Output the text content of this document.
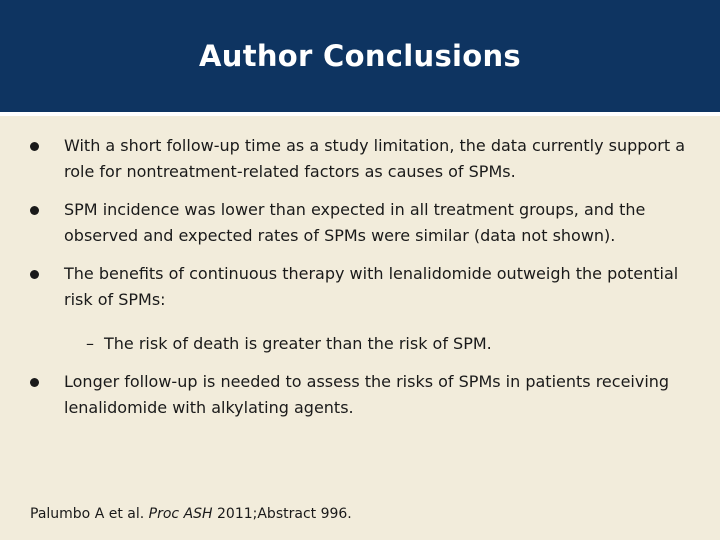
Author Conclusions
With a short follow-up time as a study limitation, the data currently support a role for nontreatment-related factors as causes of SPMs.
SPM incidence was lower than expected in all treatment groups, and the observed and expected rates of SPMs were similar (data not shown).
The benefits of continuous therapy with lenalidomide outweigh the potential risk of SPMs:
– The risk of death is greater than the risk of SPM.
Longer follow-up is needed to assess the risks of SPMs in patients receiving lenalidomide with alkylating agents.
Palumbo A et al. Proc ASH 2011;Abstract 996.
